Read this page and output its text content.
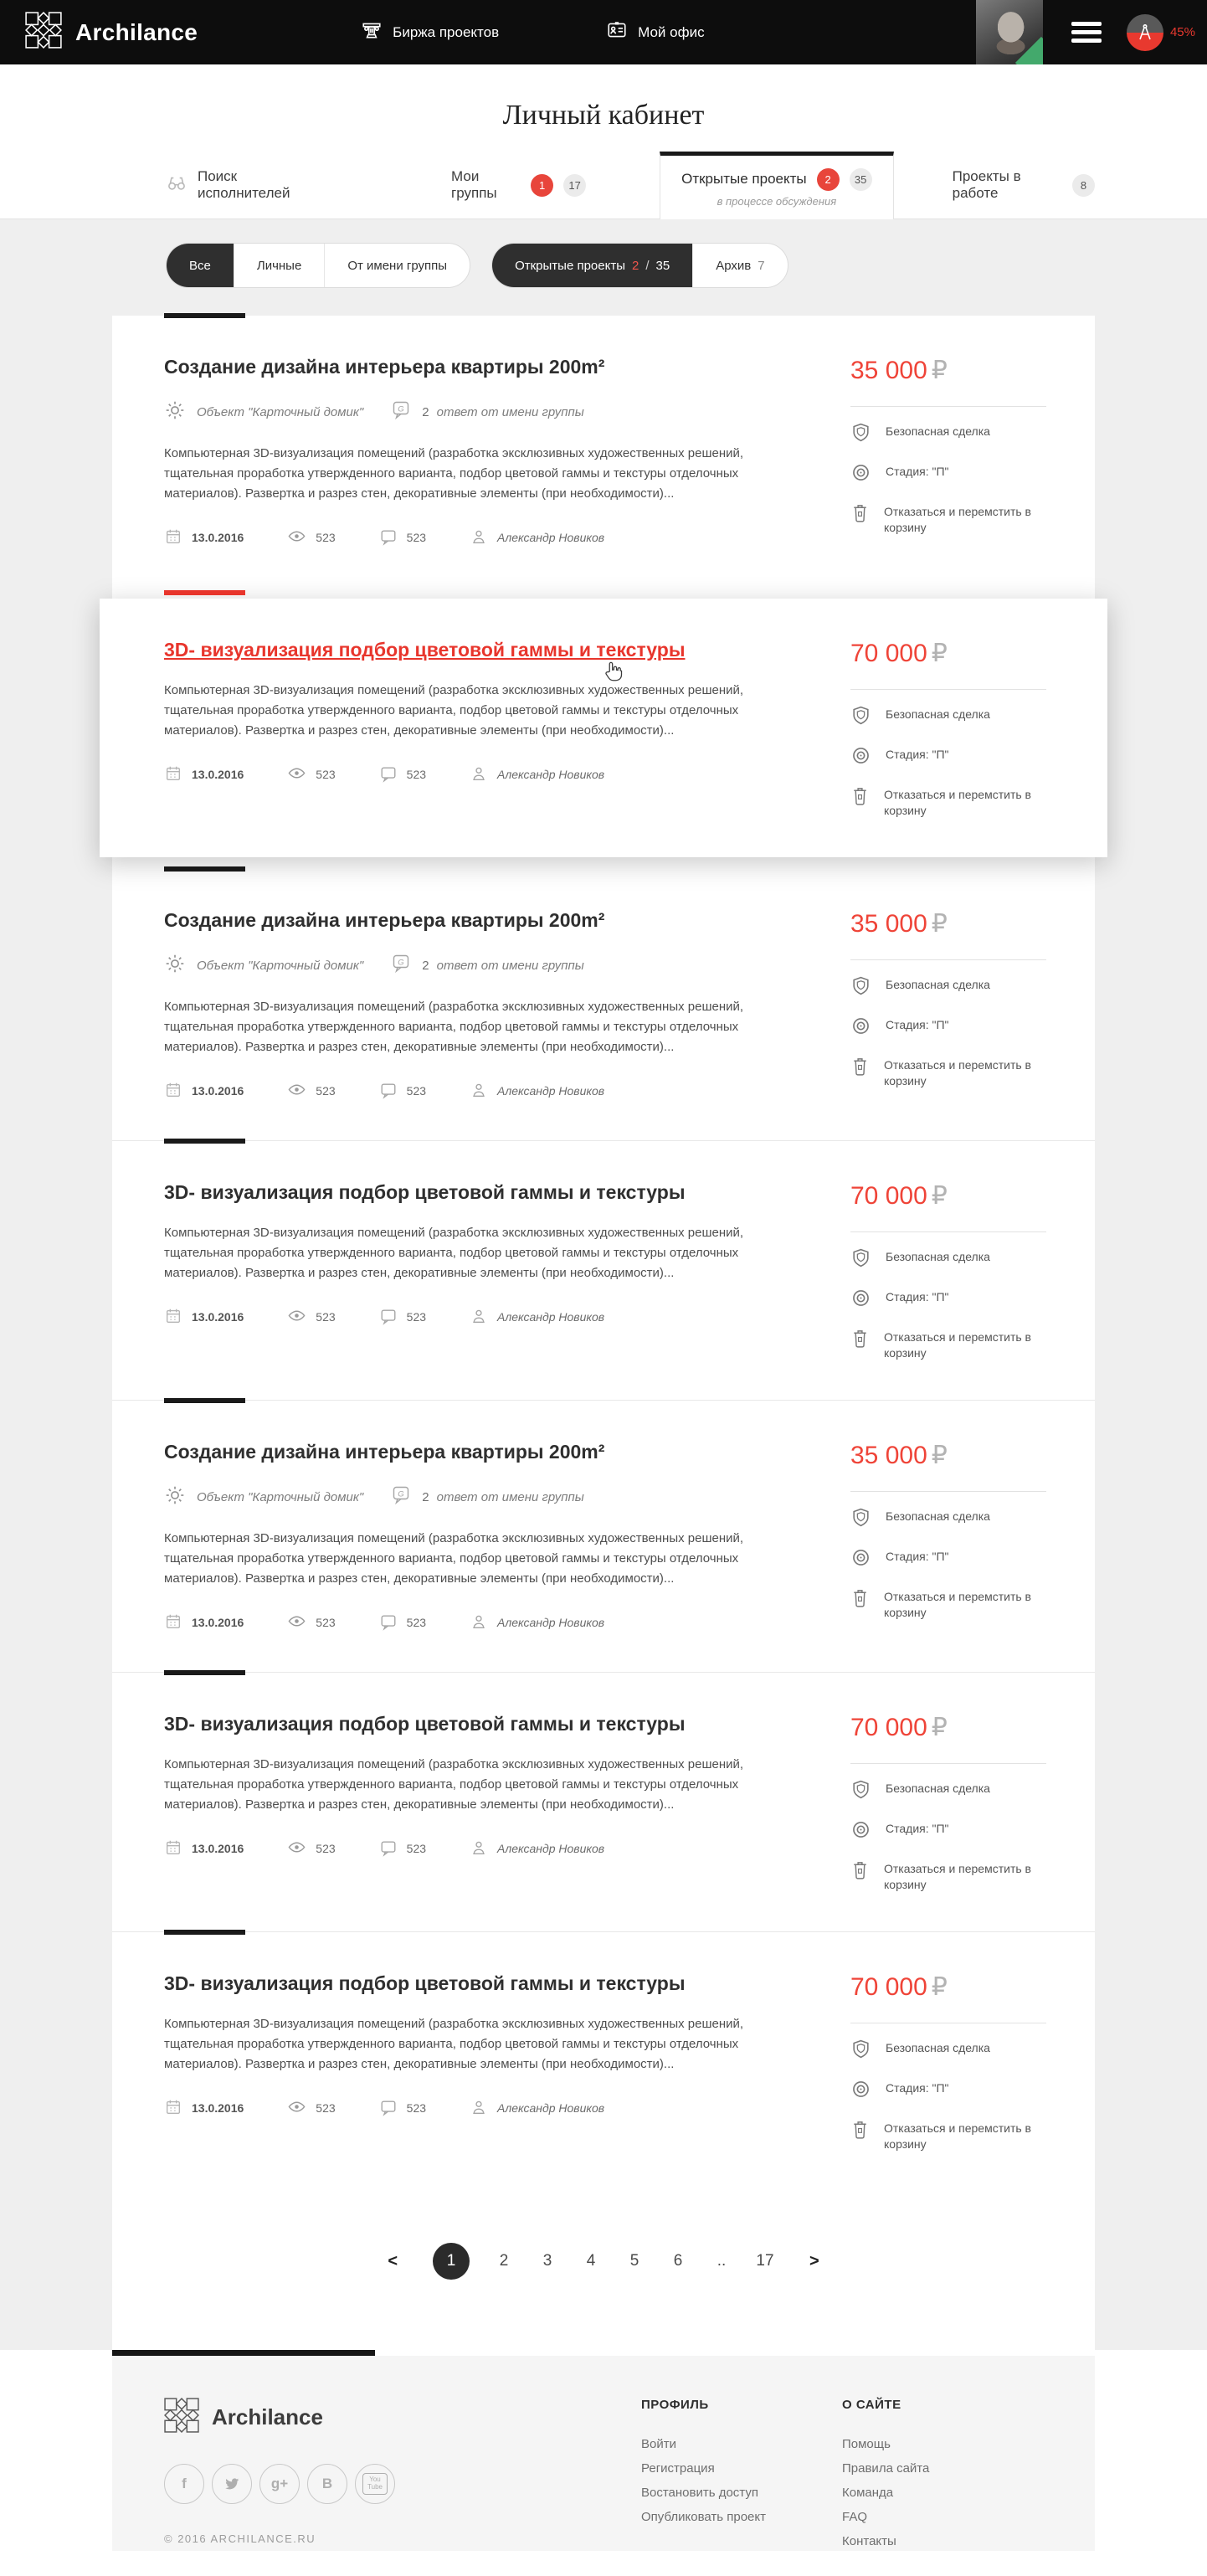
Archilance	Биржа проектов	Мой офис	45%
Личный кабинет
Поиск исполнителей
Мои группы	1	17	Открытые проекты	2	35
в процессе обсуждения
Проекты в работе	8
Все	Личные	От имени группы	Открытые проекты 2 / 35	Архив 7
Создание дизайна интерьера квартиры 200m²
Объект "Карточный домик"	G 2 ответ от имени группы

Компьютерная 3D-визуализация помещений (разработка эксклюзивных художественных решений, тщательная проработка утвержденного варианта, подбор цветовой гаммы и текстуры отделочных материалов). Развертка и разрез стен, декоративные элементы (при необходимости)...

13.0.2016	523	523	Александр Новиков
35 000 ₽
Безопасная сделка
Стадия: "П"
Отказаться и перемстить в корзину
3D- визуализация подбор цветовой гаммы и текстуры

Компьютерная 3D-визуализация помещений (разработка эксклюзивных художественных решений, тщательная проработка утвержденного варианта, подбор цветовой гаммы и текстуры отделочных материалов). Развертка и разрез стен, декоративные элементы (при необходимости)...

13.0.2016	523	523	Александр Новиков
70 000 ₽
Безопасная сделка
Стадия: "П"
Отказаться и перемстить в корзину
Создание дизайна интерьера квартиры 200m²
Объект "Карточный домик"	G 2 ответ от имени группы

Компьютерная 3D-визуализация помещений (разработка эксклюзивных художественных решений, тщательная проработка утвержденного варианта, подбор цветовой гаммы и текстуры отделочных материалов). Развертка и разрез стен, декоративные элементы (при необходимости)...

13.0.2016	523	523	Александр Новиков
35 000 ₽
Безопасная сделка
Стадия: "П"
Отказаться и перемстить в корзину
3D- визуализация подбор цветовой гаммы и текстуры

Компьютерная 3D-визуализация помещений (разработка эксклюзивных художественных решений, тщательная проработка утвержденного варианта, подбор цветовой гаммы и текстуры отделочных материалов). Развертка и разрез стен, декоративные элементы (при необходимости)...

13.0.2016	523	523	Александр Новиков
70 000 ₽
Безопасная сделка
Стадия: "П"
Отказаться и перемстить в корзину
Создание дизайна интерьера квартиры 200m²
Объект "Карточный домик"	G 2 ответ от имени группы

Компьютерная 3D-визуализация помещений (разработка эксклюзивных художественных решений, тщательная проработка утвержденного варианта, подбор цветовой гаммы и текстуры отделочных материалов). Развертка и разрез стен, декоративные элементы (при необходимости)...

13.0.2016	523	523	Александр Новиков
35 000 ₽
Безопасная сделка
Стадия: "П"
Отказаться и перемстить в корзину
3D- визуализация подбор цветовой гаммы и текстуры

Компьютерная 3D-визуализация помещений (разработка эксклюзивных художественных решений, тщательная проработка утвержденного варианта, подбор цветовой гаммы и текстуры отделочных материалов). Развертка и разрез стен, декоративные элементы (при необходимости)...

13.0.2016	523	523	Александр Новиков
70 000 ₽
Безопасная сделка
Стадия: "П"
Отказаться и перемстить в корзину
3D- визуализация подбор цветовой гаммы и текстуры

Компьютерная 3D-визуализация помещений (разработка эксклюзивных художественных решений, тщательная проработка утвержденного варианта, подбор цветовой гаммы и текстуры отделочных материалов). Развертка и разрез стен, декоративные элементы (при необходимости)...

13.0.2016	523	523	Александр Новиков
70 000 ₽
Безопасная сделка
Стадия: "П"
Отказаться и перемстить в корзину
<	1	2	3	4	5	6	..	17 >
Archilance
f	g+	B	You Tube
© 2016 ARCHILANCE.RU
ПРОФИЛЬ
Войти
Регистрация
Востановить доступ
Опубликовать проект
О САЙТЕ
Помощь
Правила сайта
Команда
FAQ
Контакты
